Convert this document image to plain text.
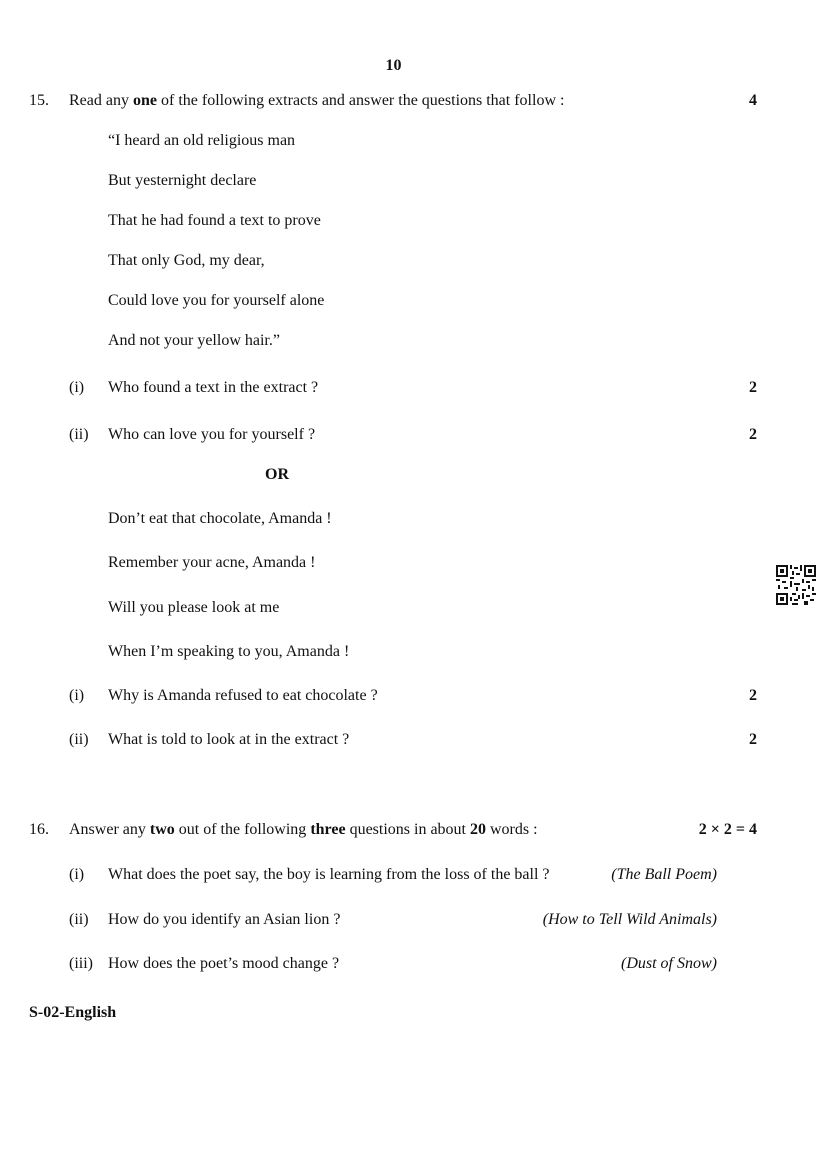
10
15. Read any one of the following extracts and answer the questions that follow :	4
“I heard an old religious man
But yesternight declare
That he had found a text to prove
That only God, my dear,
Could love you for yourself alone
And not your yellow hair.”
(i) Who found a text in the extract ?	2
(ii) Who can love you for yourself ?	2
OR
Don’t eat that chocolate, Amanda !
Remember your acne, Amanda !
Will you please look at me
When I’m speaking to you, Amanda !
(i) Why is Amanda refused to eat chocolate ?	2
(ii) What is told to look at in the extract ?	2
16. Answer any two out of the following three questions in about 20 words :	2 × 2 = 4
(i) What does the poet say, the boy is learning from the loss of the ball ?	(The Ball Poem)
(ii) How do you identify an Asian lion ?	(How to Tell Wild Animals)
(iii) How does the poet’s mood change ?	(Dust of Snow)
S-02-English
